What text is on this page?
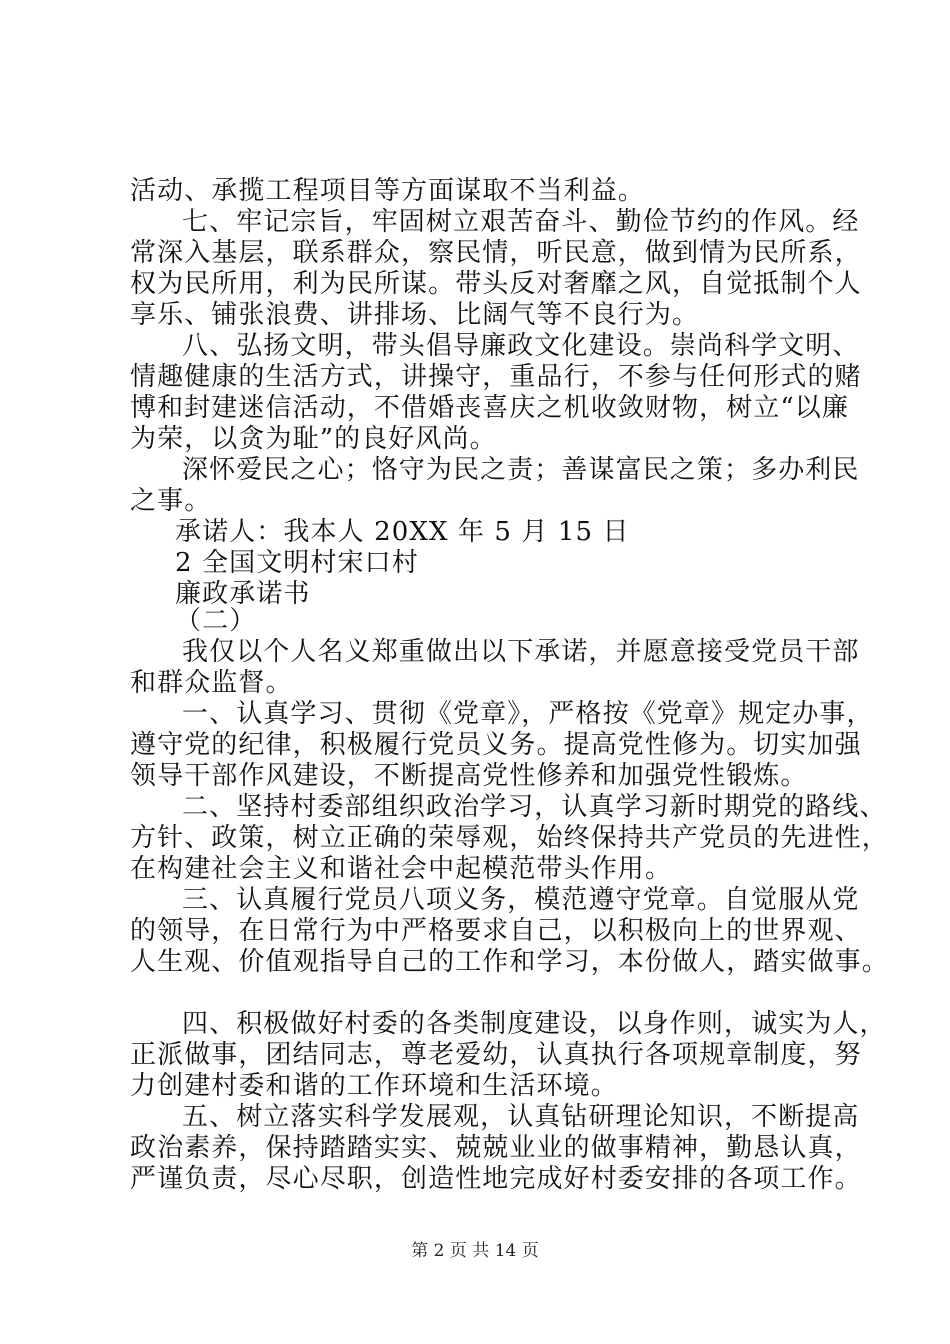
活动、承揽工程项目等方面谋取不当利益。
七、牢记宗旨，牢固树立艰苦奋斗、勤俭节约的作风。经
常深入基层，联系群众，察民情，听民意，做到情为民所系，
权为民所用，利为民所谋。带头反对奢靡之风，自觉抵制个人
享乐、铺张浪费、讲排场、比阔气等不良行为。
八、弘扬文明，带头倡导廉政文化建设。崇尚科学文明、
情趣健康的生活方式，讲操守，重品行，不参与任何形式的赌
博和封建迷信活动，不借婚丧喜庆之机收敛财物，树立“以廉
为荣，以贪为耻”的良好风尚。
深怀爱民之心；恪守为民之责；善谋富民之策；多办利民
之事。
承诺人：我本人 20XX 年 5 月 15 日
2 全国文明村宋口村
廉政承诺书
（二）
我仅以个人名义郑重做出以下承诺，并愿意接受党员干部
和群众监督。
一、认真学习、贯彻《党章》，严格按《党章》规定办事，
遵守党的纪律，积极履行党员义务。提高党性修为。切实加强
领导干部作风建设，不断提高党性修养和加强党性锻炼。
二、坚持村委部组织政治学习，认真学习新时期党的路线、
方针、政策，树立正确的荣辱观，始终保持共产党员的先进性，
在构建社会主义和谐社会中起模范带头作用。
三、认真履行党员八项义务，模范遵守党章。自觉服从党
的领导，在日常行为中严格要求自己，以积极向上的世界观、
人生观、价值观指导自己的工作和学习，本份做人，踏实做事。
四、积极做好村委的各类制度建设，以身作则，诚实为人，
正派做事，团结同志，尊老爱幼，认真执行各项规章制度，努
力创建村委和谐的工作环境和生活环境。
五、树立落实科学发展观，认真钻研理论知识，不断提高
政治素养，保持踏踏实实、兢兢业业的做事精神，勤恳认真，
严谨负责，尽心尽职，创造性地完成好村委安排的各项工作。
第 2 页 共 14 页
